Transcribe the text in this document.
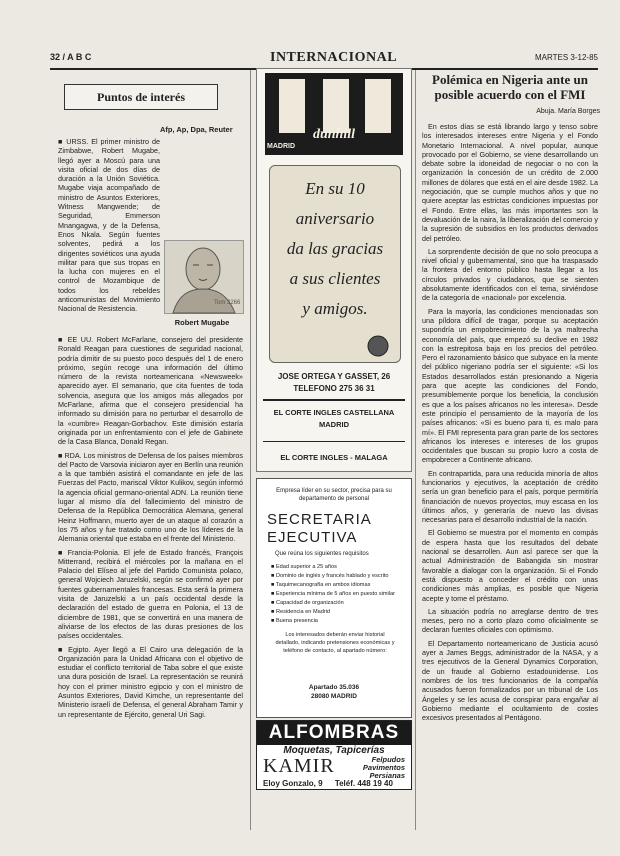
32 / A B C	INTERNACIONAL	MARTES 3-12-85
Puntos de interés
Afp, Ap, Dpa, Reuter

■ URSS. El primer ministro de Zimbabwe, Robert Mugabe, llegó ayer a Moscú para una visita oficial de dos días de duración a la Unión Soviética. Mugabe viaja acompañado de ministro de Asuntos Exteriores, Witness Mangwende; de Seguridad, Emmerson Mnangagwa, y de la Defensa, Enos Nkala. Según fuentes solventes, pedirá a los dirigentes soviéticos una ayuda militar para que sus tropas en la lucha con mujeres en el control de Mozambique de todos los rebeldes anticomunistas del Movimiento Nacional de Resistencia.

Tom 3266
Robert Mugabe

■ EE UU. Robert McFarlane, consejero del presidente Ronald Reagan para cuestiones de seguridad nacional, podría dimitir de su puesto poco después del 1 de enero próximo, según recoge una información del último número de la revista norteamericana «Newsweek» aparecido ayer. El semanario, que cita fuentes de toda solvencia, asegura que los amigos más allegados por McFarlane, afirma que el consejero presidencial ha informado su dimisión para no perturbar el desarrollo de la «cumbre» Reagan-Gorbachov. Este dimisión estaría originada por un enfrentamiento con el jefe de Gabinete de la Casa Blanca, Donald Regan.

■ RDA. Los ministros de Defensa de los países miembros del Pacto de Varsovia iniciaron ayer en Berlín una reunión a la que también asistirá el comandante en jefe de las Fuerzas del Pacto, mariscal Viktor Kulikov, según informó la agencia oficial germano-oriental ADN. La reunión tiene lugar al mismo día del fallecimiento del ministro de Defensa de la República Democrática Alemana, general Heinz Hoffmann, muerto ayer de un ataque al corazón a los 75 años y fue tratado como uno de los líderes de la Alemania oriental que estaba en el frente del Ministerio.

■ Francia-Polonia. El jefe de Estado francés, François Mitterrand, recibirá el miércoles por la mañana en el Palacio del Elíseo al jefe del Partido Comunista polaco, general Wojciech Jaruzelski, según se confirmó ayer por fuentes gubernamentales francesas. Esta será la primera visita de Jaruzelski a un país occidental desde la declaración del estado de guerra en Polonia, el 13 de diciembre de 1981, que se convertirá en una manera de aliviarse de los efectos de las duras presiones de los países occidentales.

■ Egipto. Ayer llegó a El Cairo una delegación de la Organización para la Unidad Africana con el objetivo de estudiar el conflicto territorial de Taba sobre el que existe una dura posición de Israel. La representación se reunirá hoy con el primer ministro egipcio y con el ministro de Asuntos Exteriores, David Kimche, un representante del Ministerio israelí de Defensa, el general Abraham Tamir y un representante de Ejército, general Uri Sagi.

dunhill
MADRID
En su 10
aniversario
da las gracias
a sus clientes
y amigos.
JOSE ORTEGA Y GASSET, 26
TELEFONO 275 36 31
EL CORTE INGLES CASTELLANA
MADRID
EL CORTE INGLES - MALAGA
Empresa líder en su sector, precisa para su departamento de personal
SECRETARIA
EJECUTIVA
Que reúna los siguientes requisitos
■ Edad superior a 25 años
■ Dominio de inglés y francés hablado y escrito
■ Taquimecanografía en ambos idiomas
■ Experiencia mínima de 5 años en puesto similar
■ Capacidad de organización
■ Residencia en Madrid
■ Buena presencia
Los interesados deberán enviar historial detallado, indicando pretensiones económicas y teléfono de contacto, al apartado número:
Apartado 35.036
28080 MADRID
ALFOMBRAS
Moquetas, Tapicerías
KAMIR	Felpudos
Pavimentos
Persianas
Eloy Gonzalo, 9 Teléf. 448 19 40
Polémica en Nigeria ante un posible acuerdo con el FMI
Abuja. María Borges

En estos días se está librando largo y tenso sobre los interesados intereses entre Nigeria y el Fondo Monetario Internacional. A nivel popular, aunque provocado por el Gobierno, se viene desarrollando un debate sobre la idoneidad de negociar o no con la organización la concesión de un crédito de 2.000 millones de dólares que está en el aire desde 1982. La negociación, que se cumple muchos años y que no quiere aceptar las estrictas condiciones impuestas por el Fondo. Entre ellas, las más importantes son la devaluación de la naira, la liberalización del comercio y la supresión de subsidios en los productos derivados del petróleo.

La sorprendente decisión de que no solo preocupa a nivel oficial y gubernamental, sino que ha traspasado la frontera del entorno público hasta llegar a los círculos privados y ciudadanos, que se sienten absolutamente identificados con el tema, sirviéndose de la categoría de «nacional» por excelencia.

Para la mayoría, las condiciones mencionadas son una píldora difícil de tragar, porque su aceptación supondría un empobrecimiento de la ya maltrecha economía del país, que empezó su declive en 1982 con la estrepitosa baja en los precios del petróleo. Pero el razonamiento básico que subyace en la mente del público nigeriano podría ser el siguiente: «Si los Estados desarrollados están presionando a Nigeria para que acepte las condiciones del Fondo, presumiblemente porque los beneficia, la conclusión es que a los países africanos no les interesa». Desde este principio el pensamiento de la mayoría de los países africanos: «Si es bueno para ti, es malo para mí». El FMI representa para gran parte de los sectores africanos los intereses e intereses de los grupos occidentales que buscan su propio lucro a costa de empobrecer a Continente africano.

En contrapartida, para una reducida minoría de altos funcionarios y ejecutivos, la aceptación de crédito sería un gran beneficio para el país, porque permitiría financiación de nuevos proyectos, muy escasa en los últimos años, y generaría de nuevo las divisas necesarias para el desarrollo industrial de la nación.

El Gobierno se muestra por el momento en compás de espera hasta que los resultados del debate nacional se desarrollen. Aun así parece ser que la actual Administración de Babangida sin mostrar favorable a dialogar con la organización. Si el Fondo está dispuesto a conceder el crédito con unas condiciones más amplias, es posible que Nigeria acepte y tome el préstamo.

La situación podría no arreglarse dentro de tres meses, pero no a corto plazo como oficialmente se declaran fuentes oficiales con optimismo.

El Departamento norteamericano de Justicia acusó ayer a James Beggs, administrador de la NASA, y a tres ejecutivos de la General Dynamics Corporation, de un fraude al Gobierno estadounidense. Los nombres de los tres funcionarios de la compañía acusados fueron formalizados por un tribunal de Los Ángeles y se les acusa de conspirar para engañar al Gobierno mediante el ocultamiento de costes excesivos presentados al Pentágono.
